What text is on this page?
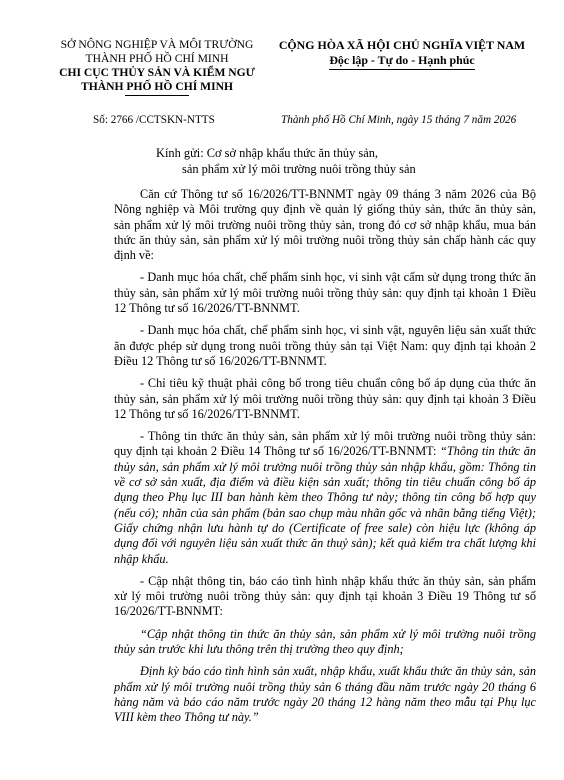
SỞ NÔNG NGHIỆP VÀ MÔI TRƯỜNG
THÀNH PHỐ HỒ CHÍ MINH
CHI CỤC THỦY SẢN VÀ KIỂM NGƯ
THÀNH PHỐ HỒ CHÍ MINH
CỘNG HÒA XÃ HỘI CHỦ NGHĨA VIỆT NAM
Độc lập - Tự do - Hạnh phúc
Số: 2766 /CCTSKN-NTTS	Thành phố Hồ Chí Minh, ngày 15 tháng 7 năm 2026
Kính gửi: Cơ sở nhập khẩu thức ăn thủy sản,
sản phẩm xử lý môi trường nuôi trồng thủy sản

Căn cứ Thông tư số 16/2026/TT-BNNMT ngày 09 tháng 3 năm 2026 của Bộ Nông nghiệp và Môi trường quy định về quản lý giống thủy sản, thức ăn thủy sản, sản phẩm xử lý môi trường nuôi trồng thủy sản, trong đó cơ sở nhập khẩu, mua bán thức ăn thủy sản, sản phẩm xử lý môi trường nuôi trồng thủy sản chấp hành các quy định về:

- Danh mục hóa chất, chế phẩm sinh học, vi sinh vật cấm sử dụng trong thức ăn thủy sản, sản phẩm xử lý môi trường nuôi trồng thủy sản: quy định tại khoản 1 Điều 12 Thông tư số 16/2026/TT-BNNMT.

- Danh mục hóa chất, chế phẩm sinh học, vi sinh vật, nguyên liệu sản xuất thức ăn được phép sử dụng trong nuôi trồng thủy sản tại Việt Nam: quy định tại khoản 2 Điều 12 Thông tư số 16/2026/TT-BNNMT.

- Chỉ tiêu kỹ thuật phải công bố trong tiêu chuẩn công bố áp dụng của thức ăn thủy sản, sản phẩm xử lý môi trường nuôi trồng thủy sản: quy định tại khoản 3 Điều 12 Thông tư số 16/2026/TT-BNNMT.

- Thông tin thức ăn thủy sản, sản phẩm xử lý môi trường nuôi trồng thủy sản: quy định tại khoản 2 Điều 14 Thông tư số 16/2026/TT-BNNMT: “Thông tin thức ăn thủy sản, sản phẩm xử lý môi trường nuôi trồng thủy sản nhập khẩu, gồm: Thông tin về cơ sở sản xuất, địa điểm và điều kiện sản xuất; thông tin tiêu chuẩn công bố áp dụng theo Phụ lục III ban hành kèm theo Thông tư này; thông tin công bố hợp quy (nếu có); nhãn của sản phẩm (bản sao chụp màu nhãn gốc và nhãn bằng tiếng Việt); Giấy chứng nhận lưu hành tự do (Certificate of free sale) còn hiệu lực (không áp dụng đối với nguyên liệu sản xuất thức ăn thuỷ sản); kết quả kiểm tra chất lượng khi nhập khẩu.

- Cập nhật thông tin, báo cáo tình hình nhập khẩu thức ăn thủy sản, sản phẩm xử lý môi trường nuôi trồng thủy sản: quy định tại khoản 3 Điều 19 Thông tư số 16/2026/TT-BNNMT:

“Cập nhật thông tin thức ăn thủy sản, sản phẩm xử lý môi trường nuôi trồng thủy sản trước khi lưu thông trên thị trường theo quy định;

Định kỳ báo cáo tình hình sản xuất, nhập khẩu, xuất khẩu thức ăn thủy sản, sản phẩm xử lý môi trường nuôi trồng thủy sản 6 tháng đầu năm trước ngày 20 tháng 6 hàng năm và báo cáo năm trước ngày 20 tháng 12 hàng năm theo mẫu tại Phụ lục VIII kèm theo Thông tư này.”
